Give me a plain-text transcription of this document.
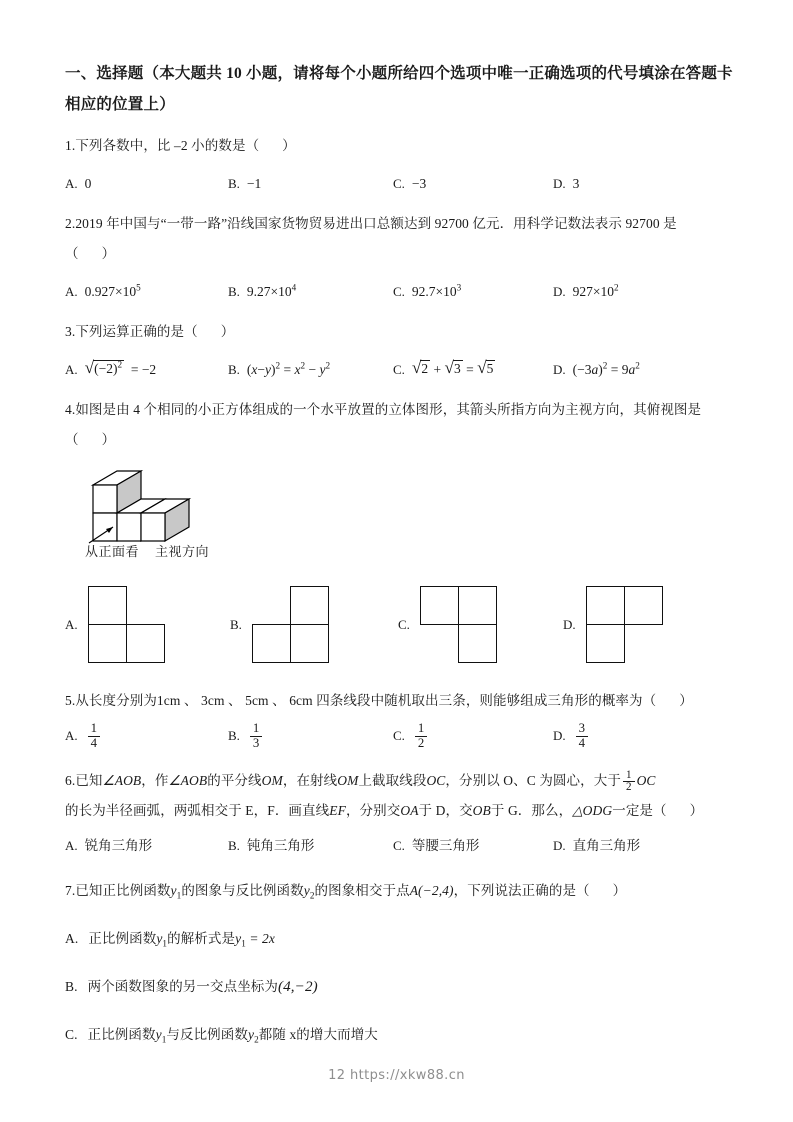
一、选择题（本大题共 10 小题，请将每个小题所给四个选项中唯一正确选项的代号填涂在答题卡相应的位置上）
1.下列各数中，比 –2 小的数是（ ）
A. 0	B. −1	C. −3	D. 3
2.2019 年中国与“一带一路”沿线国家货物贸易进出口总额达到 92700 亿元．用科学记数法表示 92700 是
（ ）
A. $0.927\times 10^5$	B. $9.27\times 10^4$	C. $92.7\times 10^3$	D. $927\times 10^2$
3.下列运算正确的是（ ）
A. √ $(-2)^2 = -2$	B. $(x-y)^2 = x^2 - y^2$	C. √ 2 + √ 3 = √ 5	D. $(-3a)^2 = 9a^2$
4.如图是由 4 个相同的小正方体组成的一个水平放置的立体图形，其箭头所指方向为主视方向，其俯视图是
（ ）
从正面看 主视方向
A.	B.	C.	D.
5.从长度分别为1cm 、 3cm 、 5cm 、 6cm 四条线段中随机取出三条，则能够组成三角形的概率为（ ）
A. $\frac{1}{4}$	B. $\frac{1}{3}$	C. $\frac{1}{2}$	D. $\frac{3}{4}$
6.已知∠AOB，作∠AOB的平分线OM，在射线OM上截取线段OC，分别以 O、C 为圆心，大于 $\frac{1}{2}$ OC
的长为半径画弧，两弧相交于 E，F．画直线EF，分别交OA于 D，交OB于 G．那么，△ODG一定是（ ）
A. 锐角三角形	B. 钝角三角形	C. 等腰三角形	D. 直角三角形
7.已知正比例函数$y_1$的图象与反比例函数$y_2$的图象相交于点A(−2,4)，下列说法正确的是（ ）
A. 正比例函数$y_1$的解析式是$y_1 = 2x$
B. 两个函数图象的另一交点坐标为(4,−2)
C. 正比例函数$y_1$与反比例函数$y_2$都随 x的增大而增大
12 https://xkw88.cn
